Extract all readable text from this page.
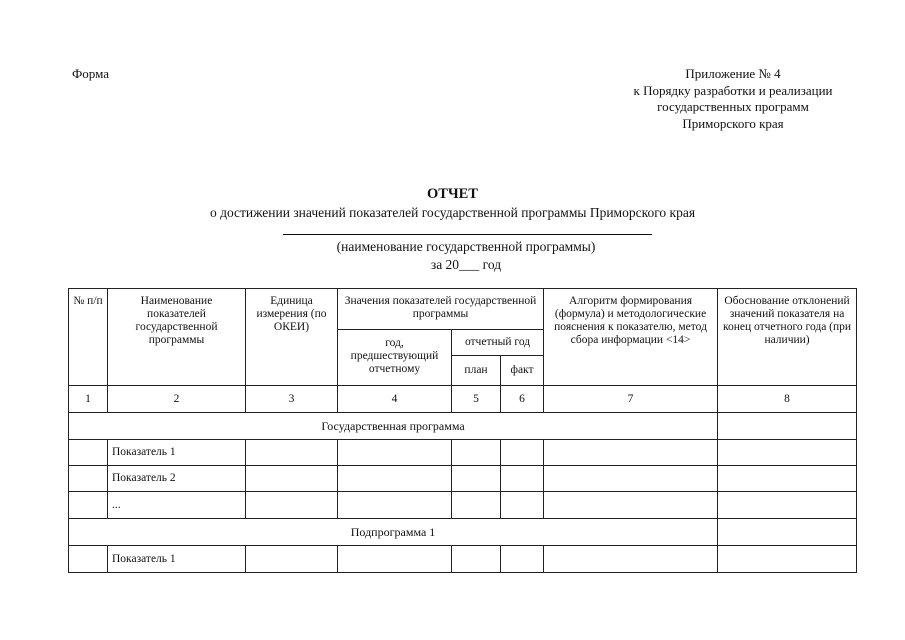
Форма	Приложение № 4
к Порядку разработки и реализации
государственных программ
Приморского края
ОТЧЕТ
о достижении значений показателей государственной программы Приморского края
(наименование государственной программы)
за 20___ год
№ п/п	Наименование показателей государственной программы	Единица измерения (по ОКЕИ)	Значения показателей государственной программы			Алгоритм формирования (формула) и методологические пояснения к показателю, метод сбора информации <14>	Обоснование отклонений значений показателя на конец отчетного года (при наличии)
			год, предшествующий отчетному	отчетный год			
				план	факт		
1	2	3	4	5	6	7	8
Государственная программа							
	Показатель 1						
	Показатель 2						
	...						
Подпрограмма 1							
	Показатель 1						
